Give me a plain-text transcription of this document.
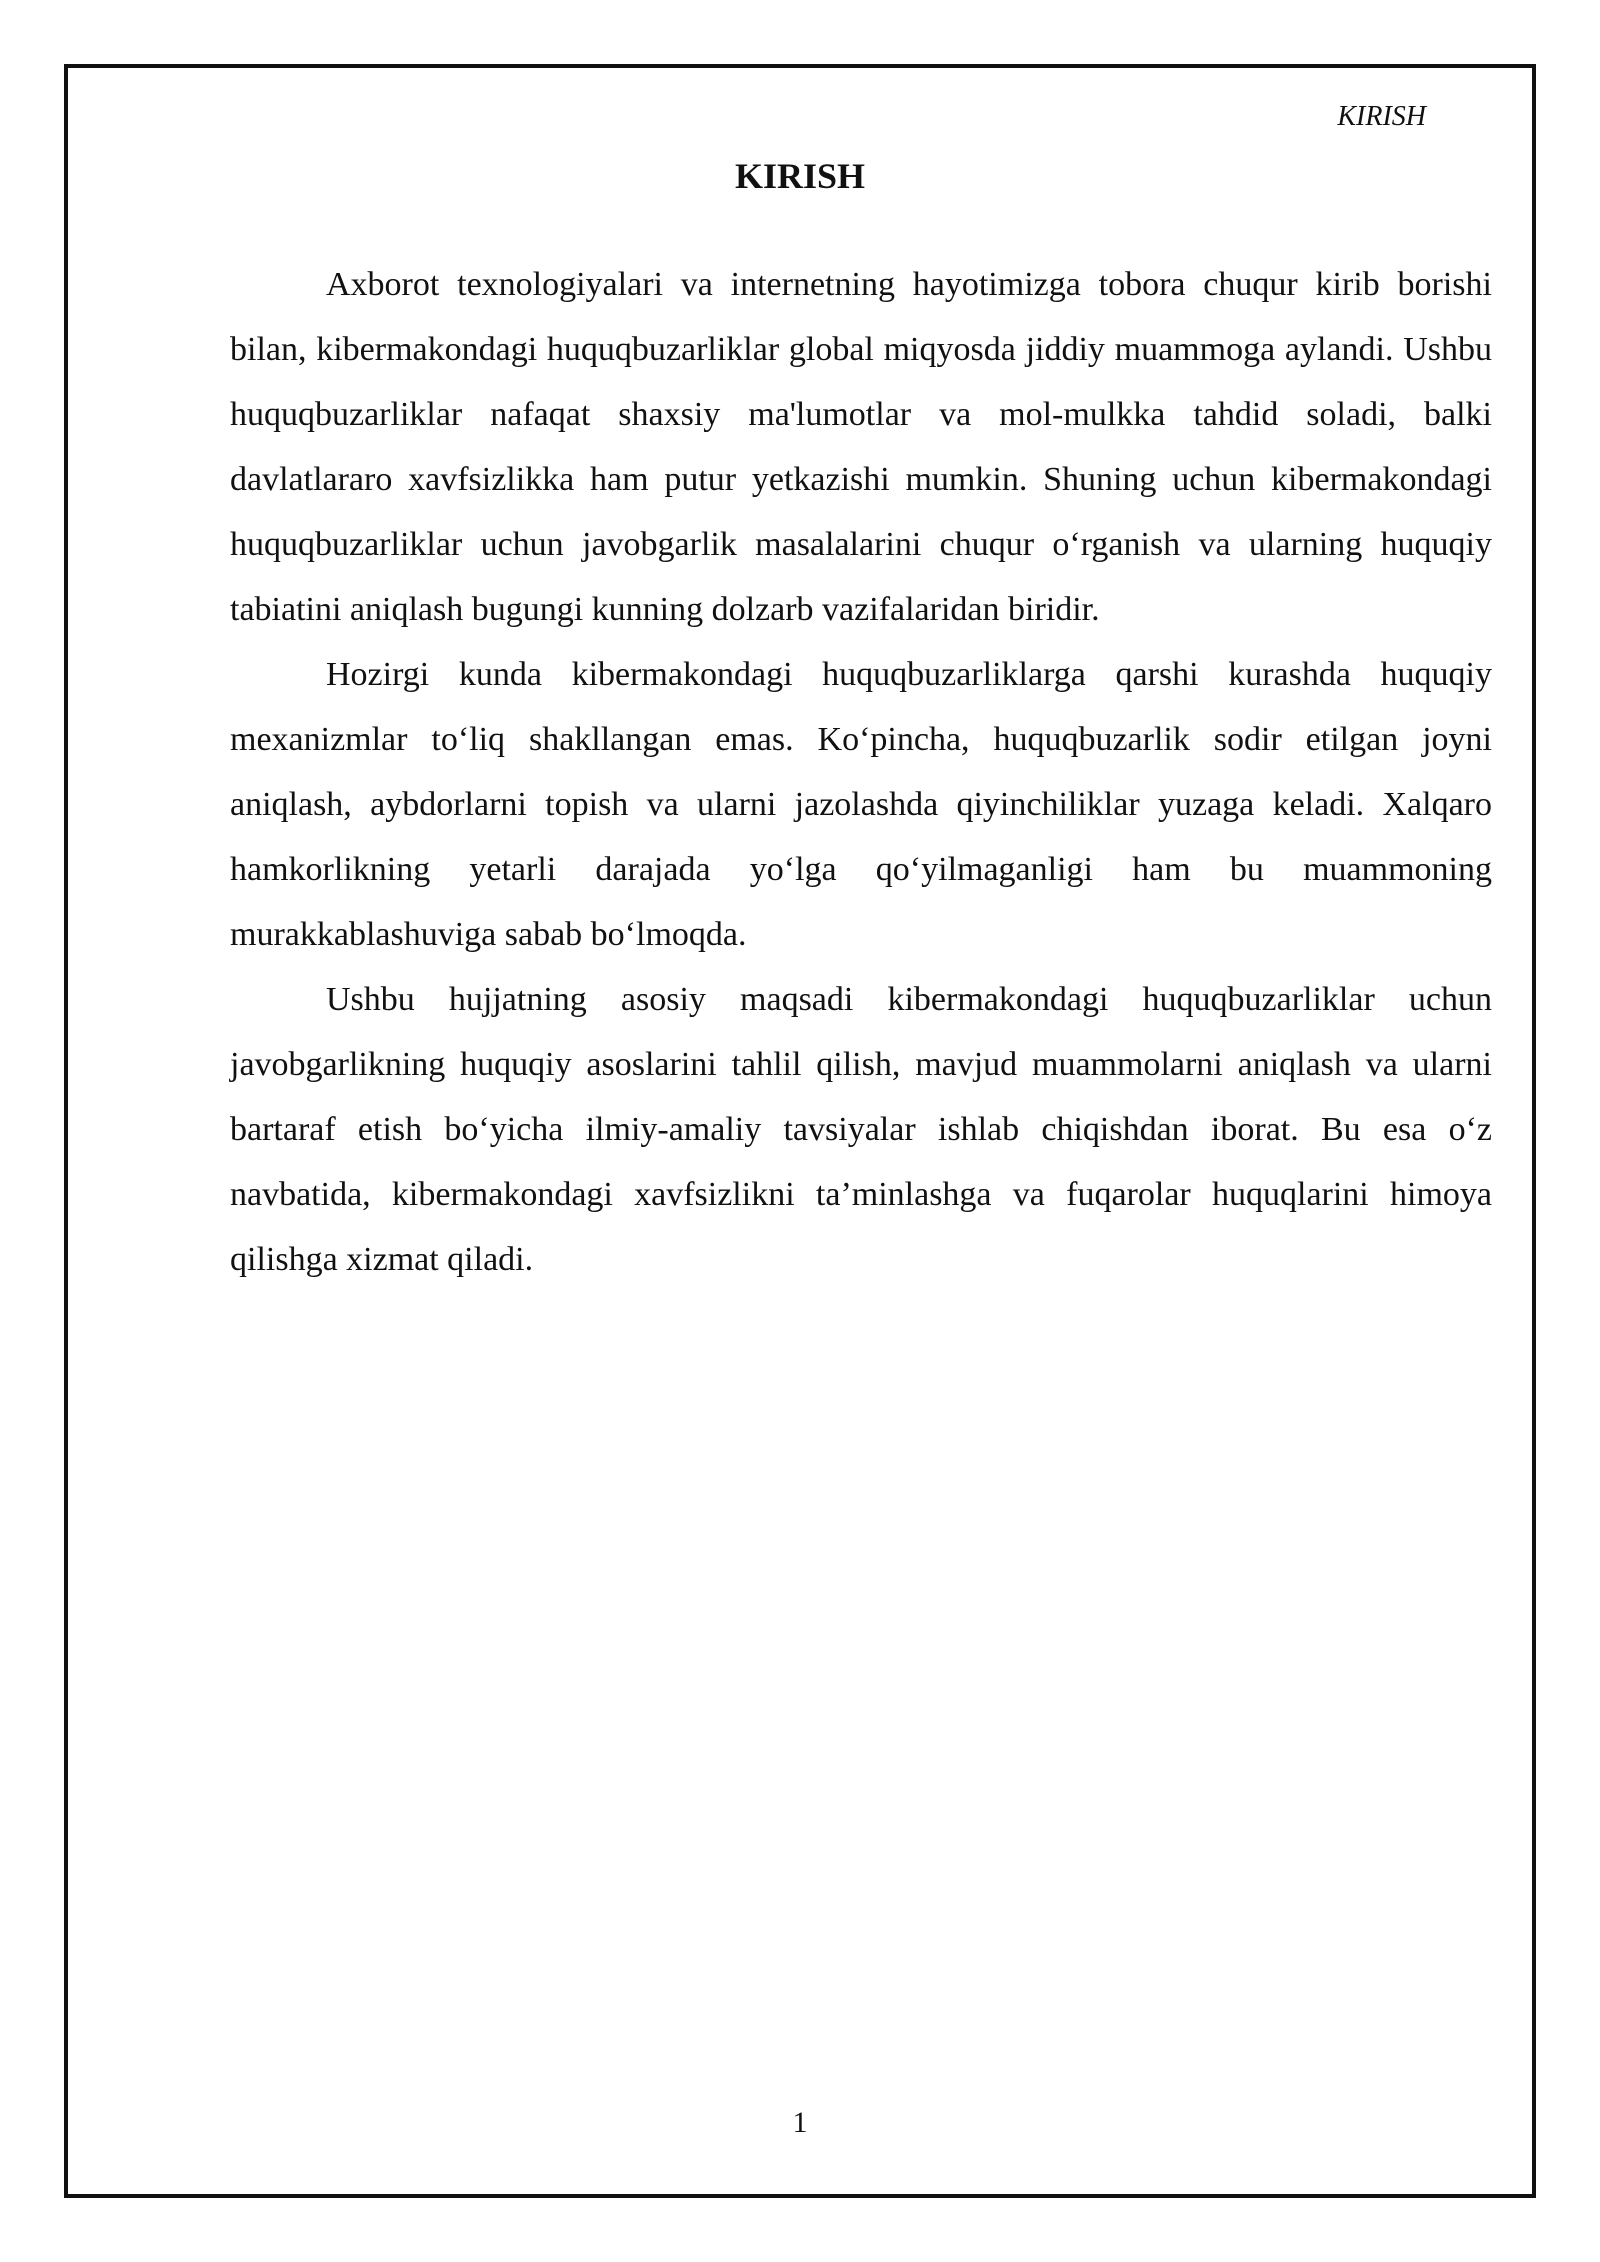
KIRISH

KIRISH

Axborot texnologiyalari va internetning hayotimizga tobora chuqur kirib borishi bilan, kibermakondagi huquqbuzarliklar global miqyosda jiddiy muammoga aylandi. Ushbu huquqbuzarliklar nafaqat shaxsiy ma'lumotlar va mol-mulkka tahdid soladi, balki davlatlararo xavfsizlikka ham putur yetkazishi mumkin. Shuning uchun kibermakondagi huquqbuzarliklar uchun javobgarlik masalalarini chuqur o‘rganish va ularning huquqiy tabiatini aniqlash bugungi kunning dolzarb vazifalaridan biridir.

Hozirgi kunda kibermakondagi huquqbuzarliklarga qarshi kurashda huquqiy mexanizmlar to‘liq shakllangan emas. Ko‘pincha, huquqbuzarlik sodir etilgan joyni aniqlash, aybdorlarni topish va ularni jazolashda qiyinchiliklar yuzaga keladi. Xalqaro hamkorlikning yetarli darajada yo‘lga qo‘yilmaganligi ham bu muammoning murakkablashuviga sabab bo‘lmoqda.

Ushbu hujjatning asosiy maqsadi kibermakondagi huquqbuzarliklar uchun javobgarlikning huquqiy asoslarini tahlil qilish, mavjud muammolarni aniqlash va ularni bartaraf etish bo‘yicha ilmiy-amaliy tavsiyalar ishlab chiqishdan iborat. Bu esa o‘z navbatida, kibermakondagi xavfsizlikni ta’minlashga va fuqarolar huquqlarini himoya qilishga xizmat qiladi.

1
